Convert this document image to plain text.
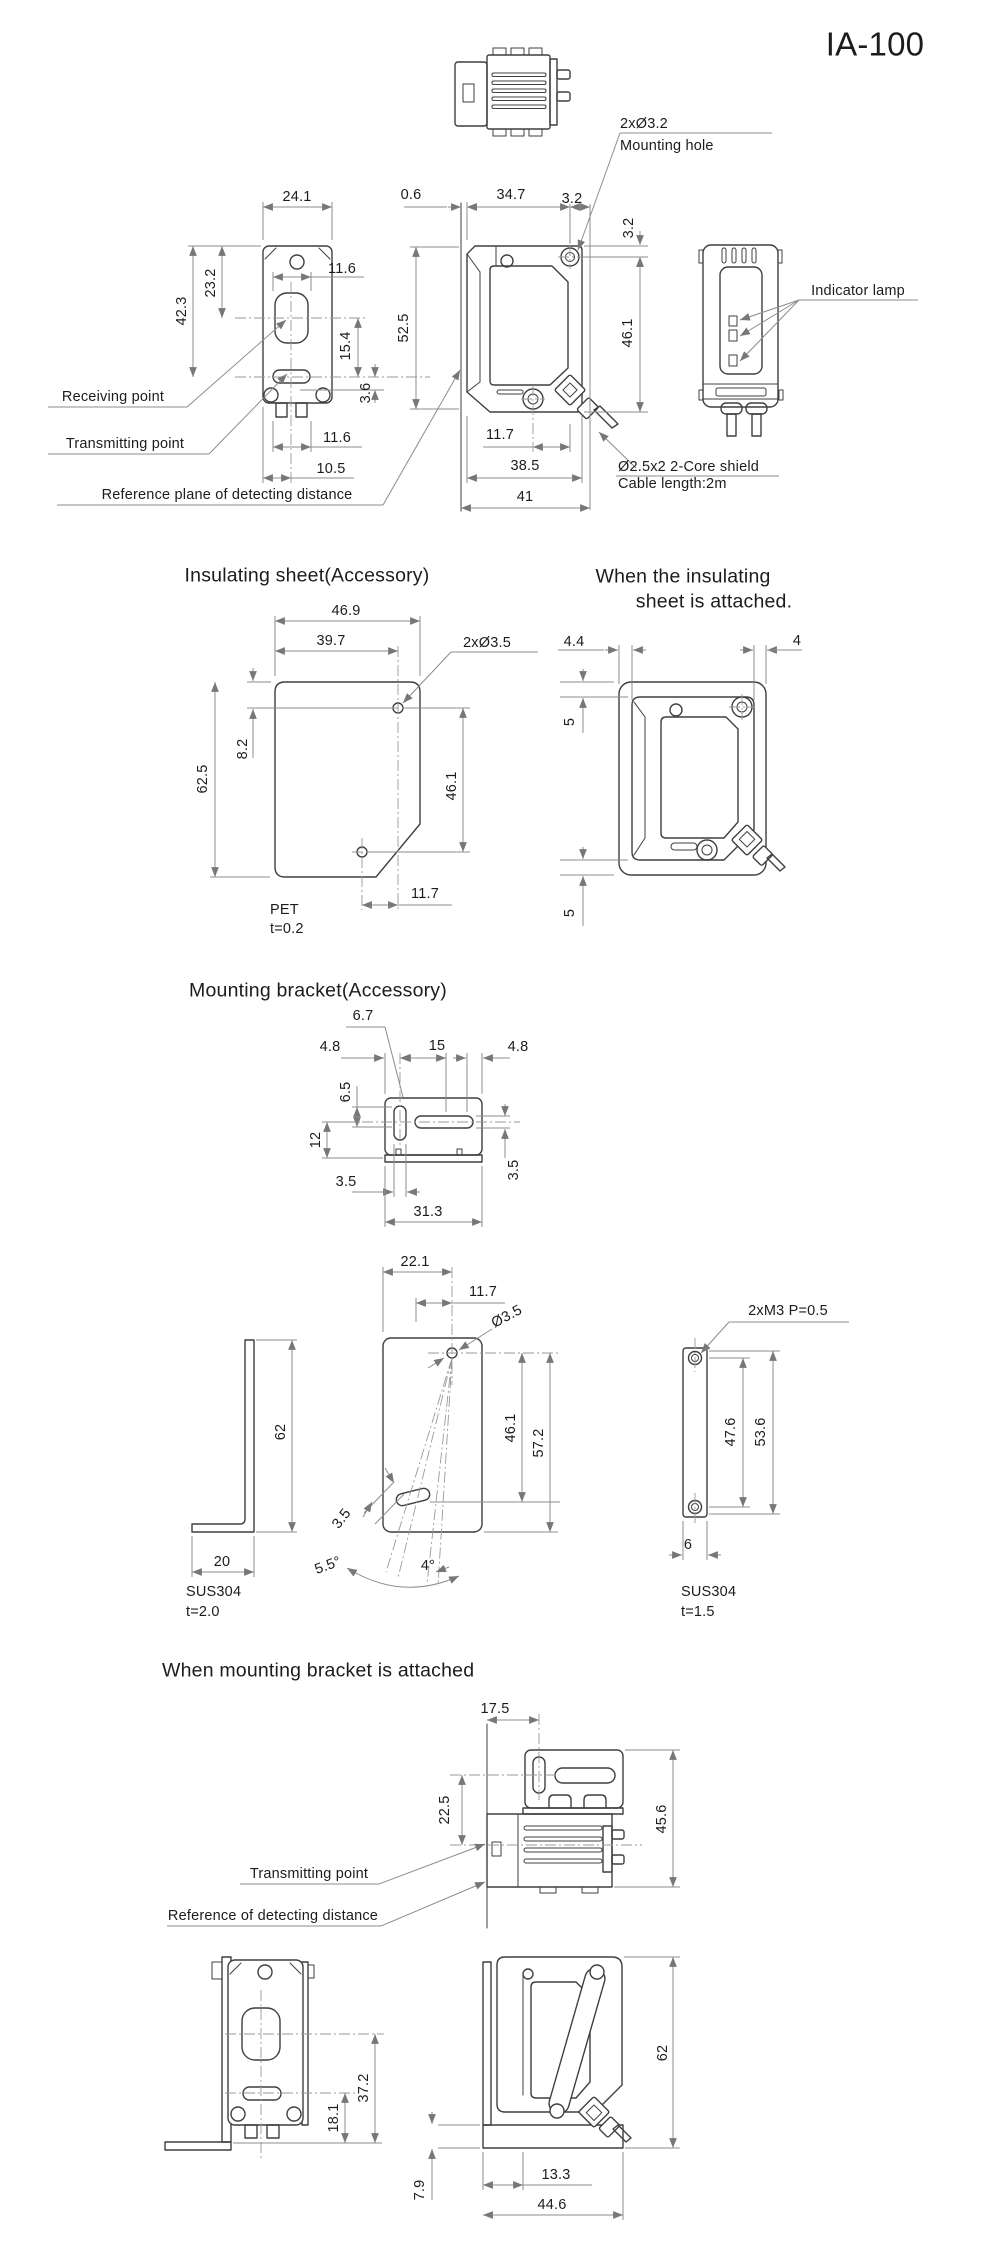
IA-100
24.1
42.3
23.2	11.6
15.4
3.6
11.6
10.5
Receiving point
Transmitting point
Reference plane of detecting distance
0.6	34.7 3.2
52.5
3.2
46.1
2xØ3.2
Mounting hole
11.7
38.5
41
Ø2.5x2 2-Core shield
Cable length:2m
Indicator lamp
Insulating sheet(Accessory)
46.9
39.7	2xØ3.5
8.2
62.5	46.1
11.7
PET
t=0.2
When the insulating
sheet is attached.
4.4	4
5
5
Mounting bracket(Accessory)
6.7
4.8	15	4.8
6.5
12
3.5
31.3
3.5
22.1
11.7
Ø3.5
46.1
57.2
3.5
5.5°	4°
62
20
SUS304
t=2.0
2xM3 P=0.5
47.6 53.6
6
SUS304
t=1.5
When mounting bracket is attached
17.5
22.5	45.6
Transmitting point
Reference of detecting distance
37.2
18.1
62
13.3
44.6
7.9
